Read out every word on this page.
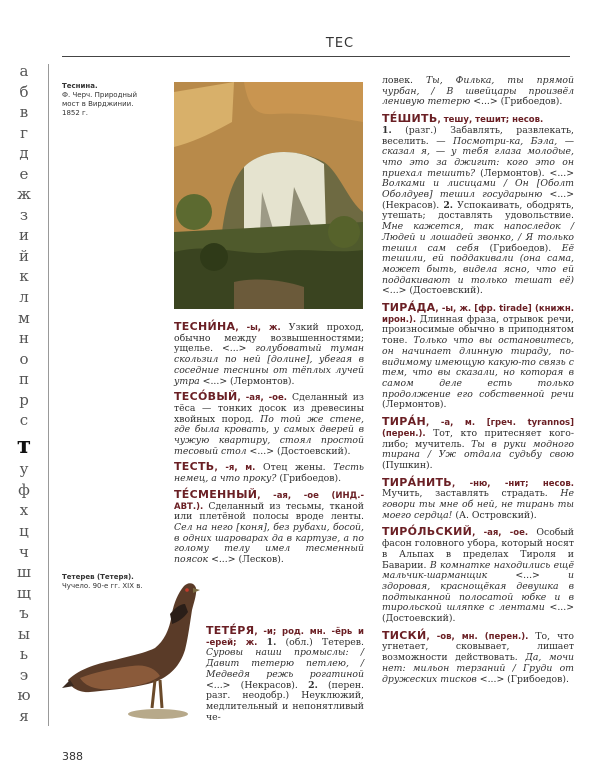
ТЕС
а
б
в
г
д
е
ж
з
и
й
к
л
м
н
о
п
р
с
т
у
ф
х
ц
ч
ш
щ
ъ
ы
ь
э
ю
я
Теснина.
Ф. Черч. Природный
мост в Вирджинии.
1852 г.
Тетерев (Тетеря).
Чучело. 90-е гг. XIX в.
ТЕСНИ́НА, -ы, ж. Узкий проход, обычно между возвышенностями; ущелье. <...> голубоватый туман скользил по ней [долине], убегая в соседние теснины от тёплых лучей утра <...> (Лермонтов).
ТЕСО́ВЫЙ, -ая, -ое. Сделанный из тёса — тонких досок из древесины хвойных пород. По той же стене, где была кровать, у самых дверей в чужую квартиру, стоял простой тесовый стол <...> (Достоевский).
ТЕСТЬ, -я, м. Отец жены. Тесть немец, а что проку? (Грибоедов).
ТЕ́СМЕННЫЙ, -ая, -ое (ИНД.-АВТ.). Сделанный из тесьмы, тканой или плетёной полосы вроде ленты. Сел на него [коня], без рубахи, босой, в одних шароварах да в картузе, а по голому телу имел тесменный поясок <...> (Лесков).
ТЕТЕ́РЯ, -и; род. мн. -ёрь и -ерей; ж. 1. (обл.) Тетерев. Суровы наши промыслы: / Давит тетерю петлею, / Медведя режь рогатиной <...> (Некрасов). 2. (перен. разг. неодобр.) Неуклюжий, медлительный и непонятливый че-
ловек. Ты, Филька, ты прямой чурбан, / В швейцары произвёл ленивую тетерю <...> (Грибоедов).
ТЕ́ШИТЬ, тешу, тешит; несов.
1. (разг.) Забавлять, развлекать, веселить. — Посмотри-ка, Бэла, — сказал я, — у тебя глаза молодые, что это за джигит: кого это он приехал тешить? (Лермонтов). <...> Волками и лисицами / Он [Оболт Оболдуев] тешил государыню <...> (Некрасов). 2. Успокаивать, ободрять, утешать; доставлять удовольствие. Мне кажется, так напоследок / Людей и лошадей звонко, / Я только тешил сам себя (Грибоедов). Её тешили, ей поддакивали (она сама, может быть, видела ясно, что ей поддакивают и только тешат её) <...> (Достоевский).
ТИРА́ДА, -ы, ж. [фр. tirade] (книжн. ирон.). Длинная фраза, отрывок речи, произносимые обычно в приподнятом тоне. Только что вы остановитесь, он начинает длинную тираду, по-видимому имеющую какую-то связь с тем, что вы сказали, но которая в самом деле есть только продолжение его собственной речи (Лермонтов).
ТИРА́Н, -а, м. [греч. tyrannos] (перен.). Тот, кто притесняет кого-либо; мучитель. Ты в руки модного тирана / Уж отдала судьбу свою (Пушкин).
ТИРА́НИТЬ, -ню, -нит; несов. Мучить, заставлять страдать. Не говори ты мне об ней, не тирань ты моего сердца! (А. Островский).
ТИРО́ЛЬСКИЙ, -ая, -ое. Особый фасон головного убора, который носят в Альпах в пределах Тироля и Баварии. В комнатке находились ещё мальчик-шарманщик <...> и здоровая, краснощёкая девушка в подтыканной полосатой юбке и в тирольской шляпке с лентами <...> (Достоевский).
ТИСКИ́, -ов, мн. (перен.). То, что угнетает, сковывает, лишает возможности действовать. Да, мочи нет: мильон терзаний / Груди от дружеских тисков <...> (Грибоедов).
388
